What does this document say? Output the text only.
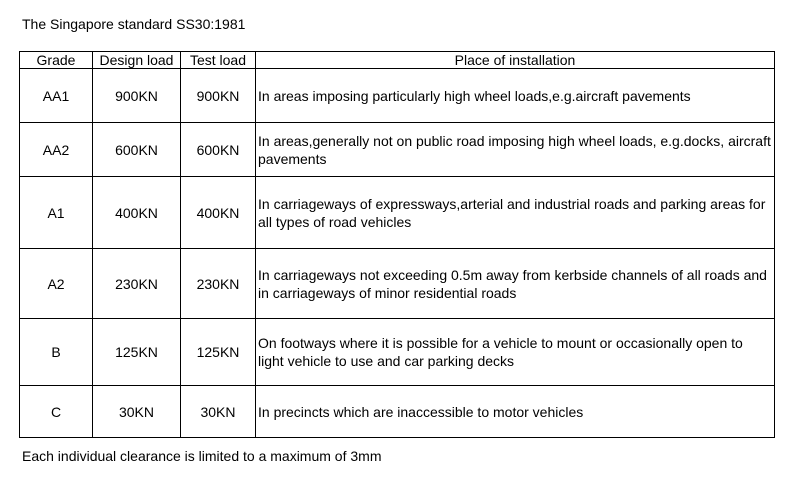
The Singapore standard SS30:1981
Grade	Design load	Test load	Place of installation
AA1	900KN	900KN	In areas imposing particularly high wheel loads,e.g.aircraft pavements
AA2	600KN	600KN	In areas,generally not on public road imposing high wheel loads, e.g.docks, aircraft pavements
A1	400KN	400KN	In carriageways of expressways,arterial and industrial roads and parking areas for all types of road vehicles
A2	230KN	230KN	In carriageways not exceeding 0.5m away from kerbside channels of all roads and in carriageways of minor residential roads
B	125KN	125KN	On footways where it is possible for a vehicle to mount or occasionally open to light vehicle to use and car parking decks
C	30KN	30KN	In precincts which are inaccessible to motor vehicles
Each individual clearance is limited to a maximum of 3mm
